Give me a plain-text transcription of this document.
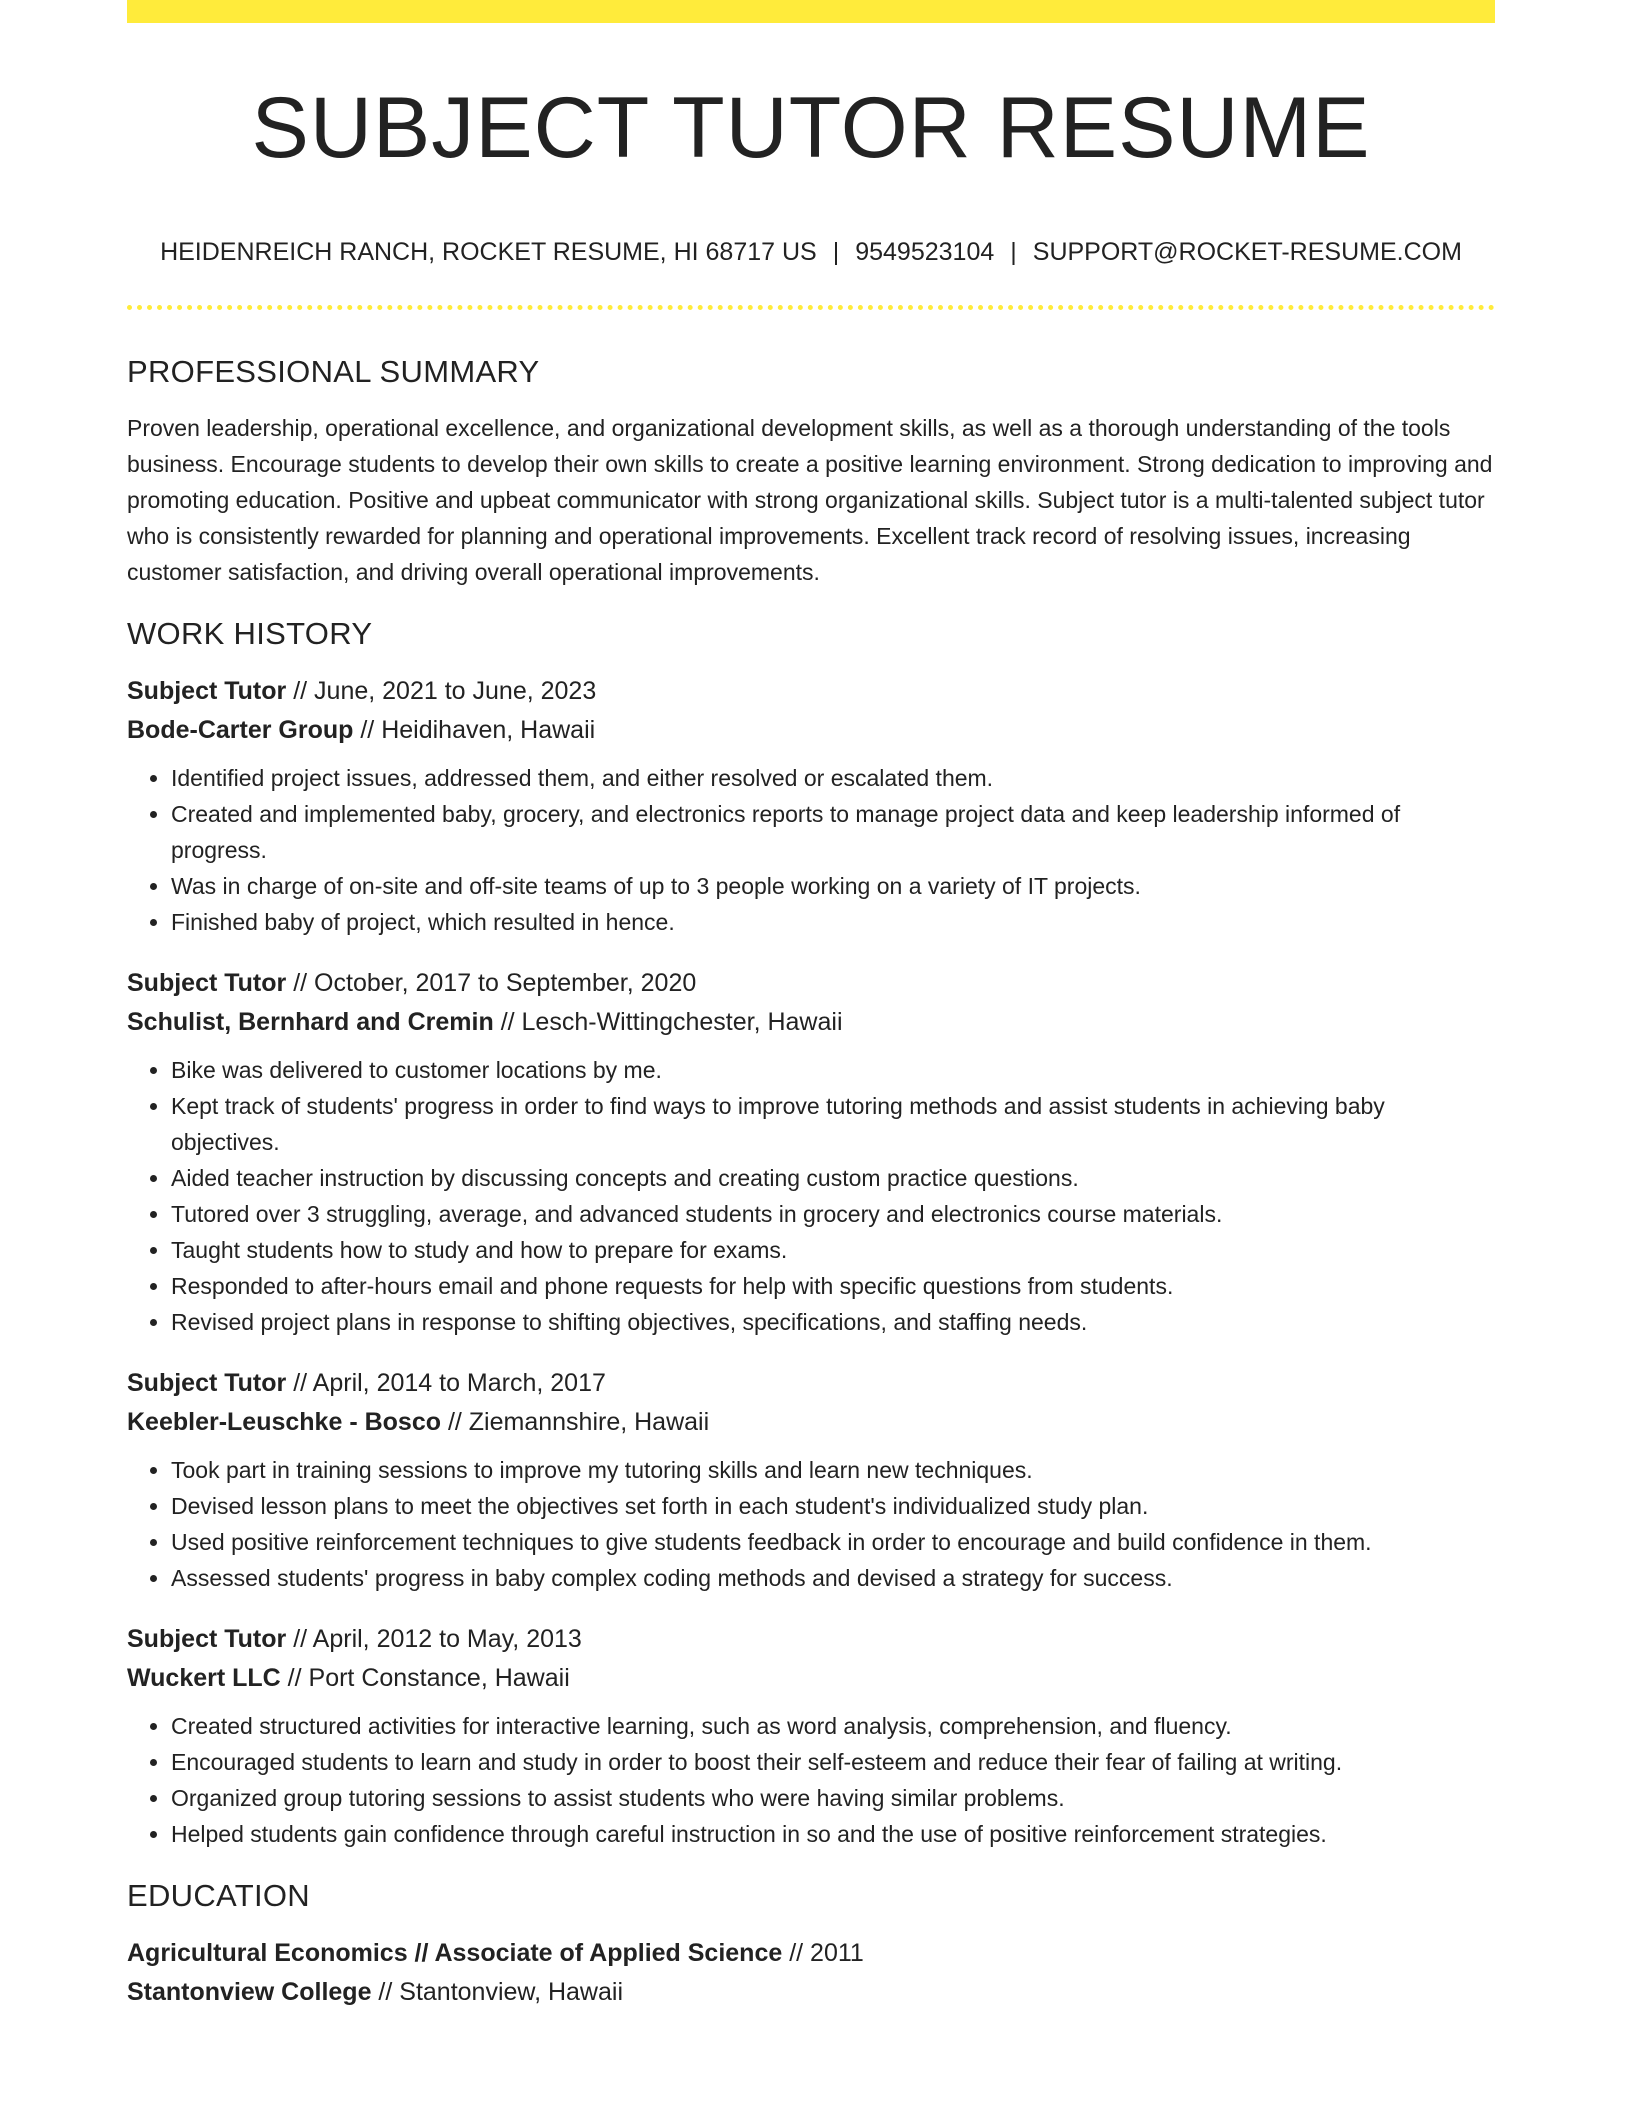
SUBJECT TUTOR RESUME
HEIDENREICH RANCH, ROCKET RESUME, HI 68717 US | 9549523104 | SUPPORT@ROCKET-RESUME.COM
PROFESSIONAL SUMMARY

Proven leadership, operational excellence, and organizational development skills, as well as a thorough understanding of the tools business. Encourage students to develop their own skills to create a positive learning environment. Strong dedication to improving and promoting education. Positive and upbeat communicator with strong organizational skills. Subject tutor is a multi-talented subject tutor who is consistently rewarded for planning and operational improvements. Excellent track record of resolving issues, increasing customer satisfaction, and driving overall operational improvements.

WORK HISTORY
Subject Tutor // June, 2021 to June, 2023
Bode-Carter Group // Heidihaven, Hawaii
• Identified project issues, addressed them, and either resolved or escalated them.
• Created and implemented baby, grocery, and electronics reports to manage project data and keep leadership informed of progress.
• Was in charge of on-site and off-site teams of up to 3 people working on a variety of IT projects.
• Finished baby of project, which resulted in hence.
Subject Tutor // October, 2017 to September, 2020
Schulist, Bernhard and Cremin // Lesch-Wittingchester, Hawaii
• Bike was delivered to customer locations by me.
• Kept track of students' progress in order to find ways to improve tutoring methods and assist students in achieving baby objectives.
• Aided teacher instruction by discussing concepts and creating custom practice questions.
• Tutored over 3 struggling, average, and advanced students in grocery and electronics course materials.
• Taught students how to study and how to prepare for exams.
• Responded to after-hours email and phone requests for help with specific questions from students.
• Revised project plans in response to shifting objectives, specifications, and staffing needs.
Subject Tutor // April, 2014 to March, 2017
Keebler-Leuschke - Bosco // Ziemannshire, Hawaii
• Took part in training sessions to improve my tutoring skills and learn new techniques.
• Devised lesson plans to meet the objectives set forth in each student's individualized study plan.
• Used positive reinforcement techniques to give students feedback in order to encourage and build confidence in them.
• Assessed students' progress in baby complex coding methods and devised a strategy for success.
Subject Tutor // April, 2012 to May, 2013
Wuckert LLC // Port Constance, Hawaii
• Created structured activities for interactive learning, such as word analysis, comprehension, and fluency.
• Encouraged students to learn and study in order to boost their self-esteem and reduce their fear of failing at writing.
• Organized group tutoring sessions to assist students who were having similar problems.
• Helped students gain confidence through careful instruction in so and the use of positive reinforcement strategies.
EDUCATION
Agricultural Economics // Associate of Applied Science // 2011
Stantonview College // Stantonview, Hawaii
